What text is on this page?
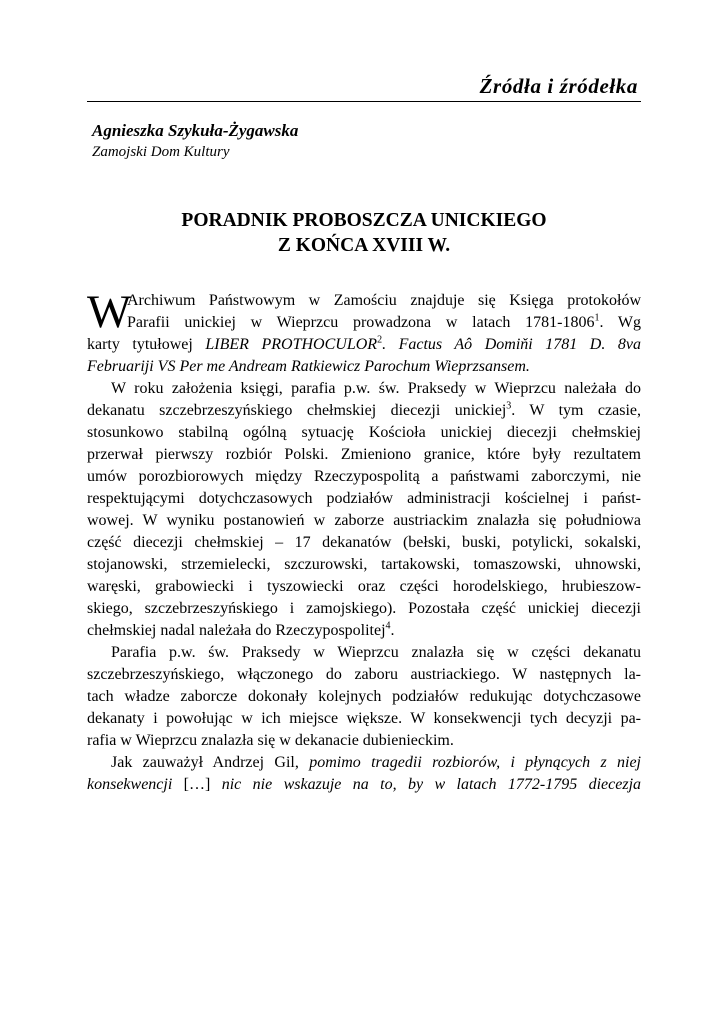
Źródła i źródełka
Agnieszka Szykuła-Żygawska
Zamojski Dom Kultury
PORADNIK PROBOSZCZA UNICKIEGO
Z KOŃCA XVIII W.
W
Archiwum Państwowym w Zamościu znajduje się Księga protokołów
Parafii unickiej w Wieprzcu prowadzona w latach 1781-1806$^1$. Wg
karty tytułowej LIBER PROTHOCULOR$^2$. Factus Aô Domiňi 1781 D. 8va
Februariji VS Per me Andream Ratkiewicz Parochum Wieprzsansem.
W roku założenia księgi, parafia p.w. św. Praksedy w Wieprzcu należała do
dekanatu szczebrzeszyńskiego chełmskiej diecezji unickiej$^3$. W tym czasie,
stosunkowo stabilną ogólną sytuację Kościoła unickiej diecezji chełmskiej
przerwał pierwszy rozbiór Polski. Zmieniono granice, które były rezultatem
umów porozbiorowych między Rzeczypospolitą a państwami zaborczymi, nie
respektującymi dotychczasowych podziałów administracji kościelnej i państ-
wowej. W wyniku postanowień w zaborze austriackim znalazła się południowa
część diecezji chełmskiej – 17 dekanatów (bełski, buski, potylicki, sokalski,
stojanowski, strzemielecki, szczurowski, tartakowski, tomaszowski, uhnowski,
waręski, grabowiecki i tyszowiecki oraz części horodelskiego, hrubieszow-
skiego, szczebrzeszyńskiego i zamojskiego). Pozostała część unickiej diecezji
chełmskiej nadal należała do Rzeczypospolitej$^4$.
Parafia p.w. św. Praksedy w Wieprzcu znalazła się w części dekanatu
szczebrzeszyńskiego, włączonego do zaboru austriackiego. W następnych la-
tach władze zaborcze dokonały kolejnych podziałów redukując dotychczasowe
dekanaty i powołując w ich miejsce większe. W konsekwencji tych decyzji pa-
rafia w Wieprzcu znalazła się w dekanacie dubienieckim.
Jak zauważył Andrzej Gil, pomimo tragedii rozbiorów, i płynących z niej
konsekwencji […] nic nie wskazuje na to, by w latach 1772-1795 diecezja
